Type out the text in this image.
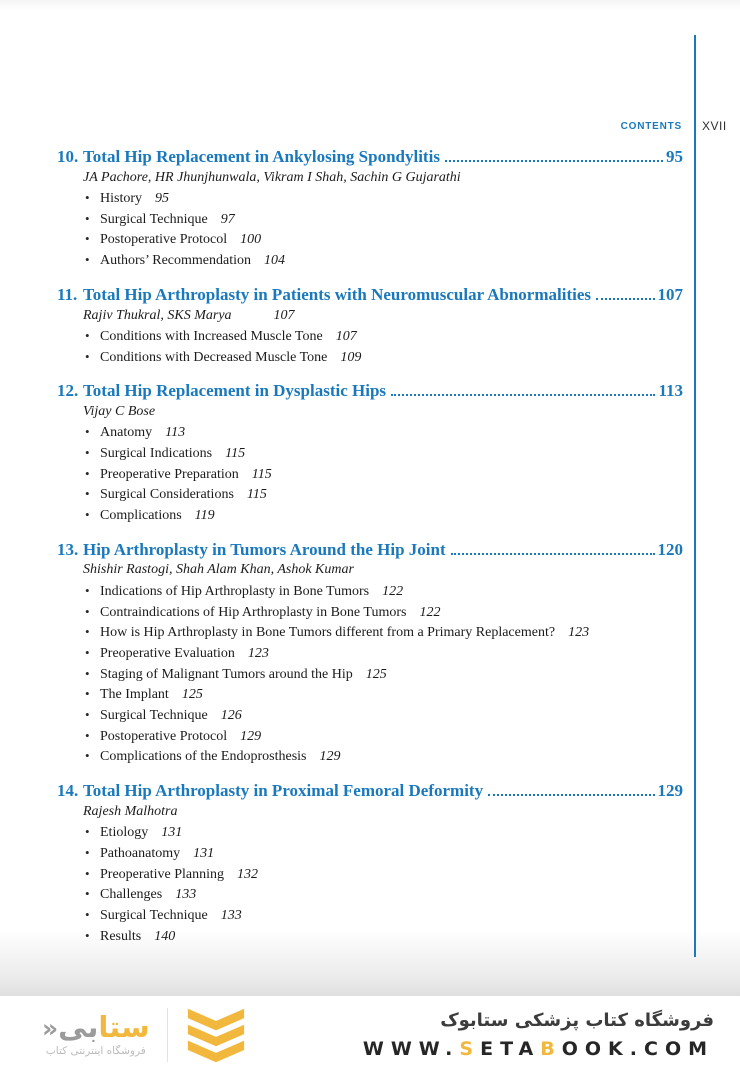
CONTENTS XVII
10. Total Hip Replacement in Ankylosing Spondylitis	95
JA Pachore, HR Jhunjhunwala, Vikram I Shah, Sachin G Gujarathi
• History 95
• Surgical Technique 97
• Postoperative Protocol 100
• Authors’ Recommendation 104
11. Total Hip Arthroplasty in Patients with Neuromuscular Abnormalities	107
Rajiv Thukral, SKS Marya	107
• Conditions with Increased Muscle Tone 107
• Conditions with Decreased Muscle Tone 109
12. Total Hip Replacement in Dysplastic Hips	113
Vijay C Bose
• Anatomy 113
• Surgical Indications 115
• Preoperative Preparation 115
• Surgical Considerations 115
• Complications 119
13. Hip Arthroplasty in Tumors Around the Hip Joint	120
Shishir Rastogi, Shah Alam Khan, Ashok Kumar
• Indications of Hip Arthroplasty in Bone Tumors 122
• Contraindications of Hip Arthroplasty in Bone Tumors 122
• How is Hip Arthroplasty in Bone Tumors different from a Primary Replacement? 123
• Preoperative Evaluation 123
• Staging of Malignant Tumors around the Hip 125
• The Implant 125
• Surgical Technique 126
• Postoperative Protocol 129
• Complications of the Endoprosthesis 129
14. Total Hip Arthroplasty in Proximal Femoral Deformity	129
Rajesh Malhotra
• Etiology 131
• Pathoanatomy 131
• Preoperative Planning 132
• Challenges 133
• Surgical Technique 133
• Results 140
ستابی«
فروشگاه اینترنتی کتاب
فروشگاه کتاب پزشکی ستابوک
WWW.SETABOOK.COM
